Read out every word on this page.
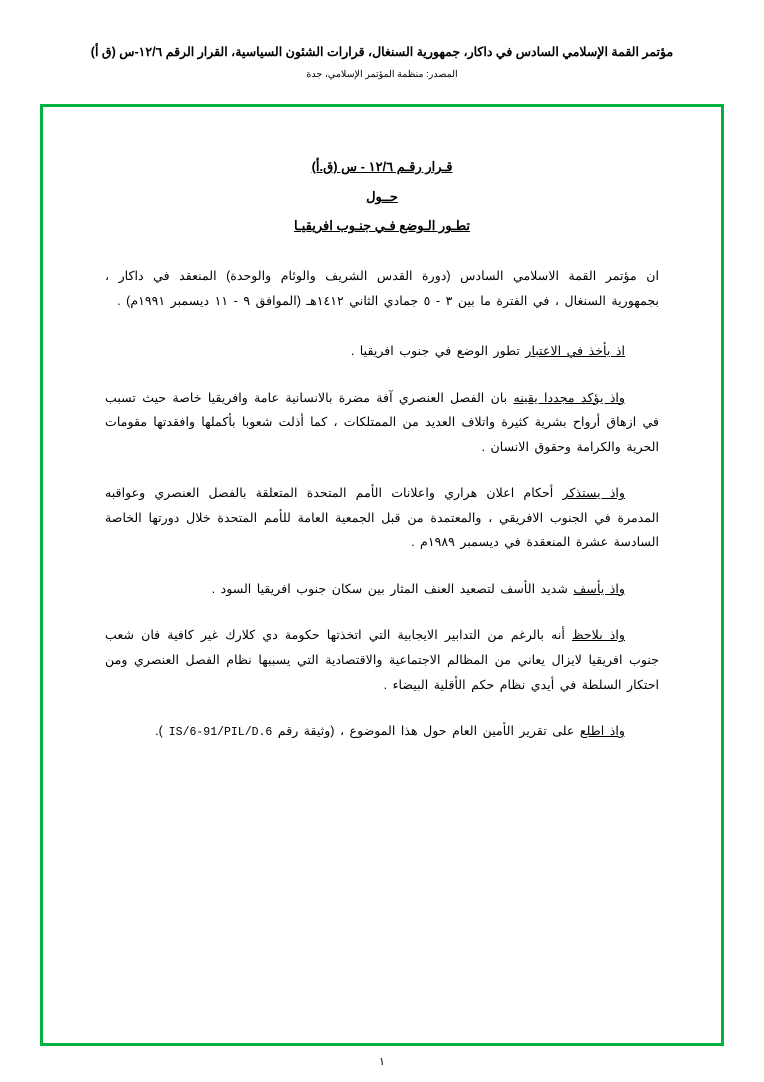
مؤتمر القمة الإسلامي السادس في داكار، جمهورية السنغال، قرارات الشئون السياسية، القرار الرقم ١٢/٦-س (ق أ)
المصدر: منظمة المؤتمر الإسلامي، جدة
قـرار رقـم ١٢/٦ - س (ق.أ)
حــول
تطـور الـوضع فـي جنـوب افريقيـا
ان مؤتمر القمة الاسلامي السادس (دورة القدس الشريف والوئام والوحدة) المنعقد في داكار ، بجمهورية السنغال ، في الفترة ما بين ٣ - ٥ جمادي الثاني ١٤١٢هـ (الموافق ٩ - ١١ ديسمبر ١٩٩١م) .
اذ يأخذ في الاعتبار تطور الوضع في جنوب افريقيا .
واذ يؤكد مجددا يقينه بان الفصل العنصري آفة مضرة بالانسانية عامة وافريقيا خاصة حيث تسبب في ازهاق أرواح بشرية كثيرة واتلاف العديد من الممتلكات ، كما أذلت شعوبا بأكملها وافقدتها مقومات الحرية والكرامة وحقوق الانسان .
واذ يستذكر أحكام اعلان هراري واعلانات الأمم المتحدة المتعلقة بالفصل العنصري وعواقبه المدمرة في الجنوب الافريقي ، والمعتمدة من قبل الجمعية العامة للأمم المتحدة خلال دورتها الخاصة السادسة عشرة المنعقدة في ديسمبر ١٩٨٩م .
واذ يأسف شديد الأسف لتصعيد العنف المثار بين سكان جنوب افريقيا السود .
واذ يلاحظ أنه بالرغم من التدابير الايجابية التي اتخذتها حكومة دي كلارك غير كافية فان شعب جنوب افريقيا لايزال يعاني من المظالم الاجتماعية والاقتصادية التي يسببها نظام الفصل العنصري ومن احتكار السلطة في أيدي نظام حكم الأقلية البيضاء .
واذ اطلع على تقرير الأمين العام حول هذا الموضوع ، (وثيقة رقم IS/6-91/PIL/D.6 ).
١
